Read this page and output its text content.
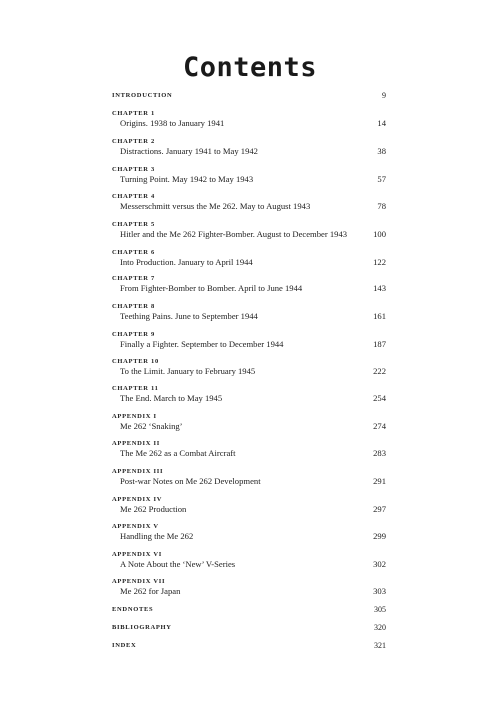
Contents
INTRODUCTION	9
CHAPTER 1
Origins. 1938 to January 1941	14
CHAPTER 2
Distractions. January 1941 to May 1942	38
CHAPTER 3
Turning Point. May 1942 to May 1943	57
CHAPTER 4
Messerschmitt versus the Me 262. May to August 1943	78
CHAPTER 5
Hitler and the Me 262 Fighter-Bomber. August to December 1943	100
CHAPTER 6
Into Production. January to April 1944	122
CHAPTER 7
From Fighter-Bomber to Bomber. April to June 1944	143
CHAPTER 8
Teething Pains. June to September 1944	161
CHAPTER 9
Finally a Fighter. September to December 1944	187
CHAPTER 10
To the Limit. January to February 1945	222
CHAPTER 11
The End. March to May 1945	254
APPENDIX I
Me 262 ‘Snaking’	274
APPENDIX II
The Me 262 as a Combat Aircraft	283
APPENDIX III
Post-war Notes on Me 262 Development	291
APPENDIX IV
Me 262 Production	297
APPENDIX V
Handling the Me 262	299
APPENDIX VI
A Note About the ‘New’ V-Series	302
APPENDIX VII
Me 262 for Japan	303
ENDNOTES	305
BIBLIOGRAPHY	320
INDEX	321
